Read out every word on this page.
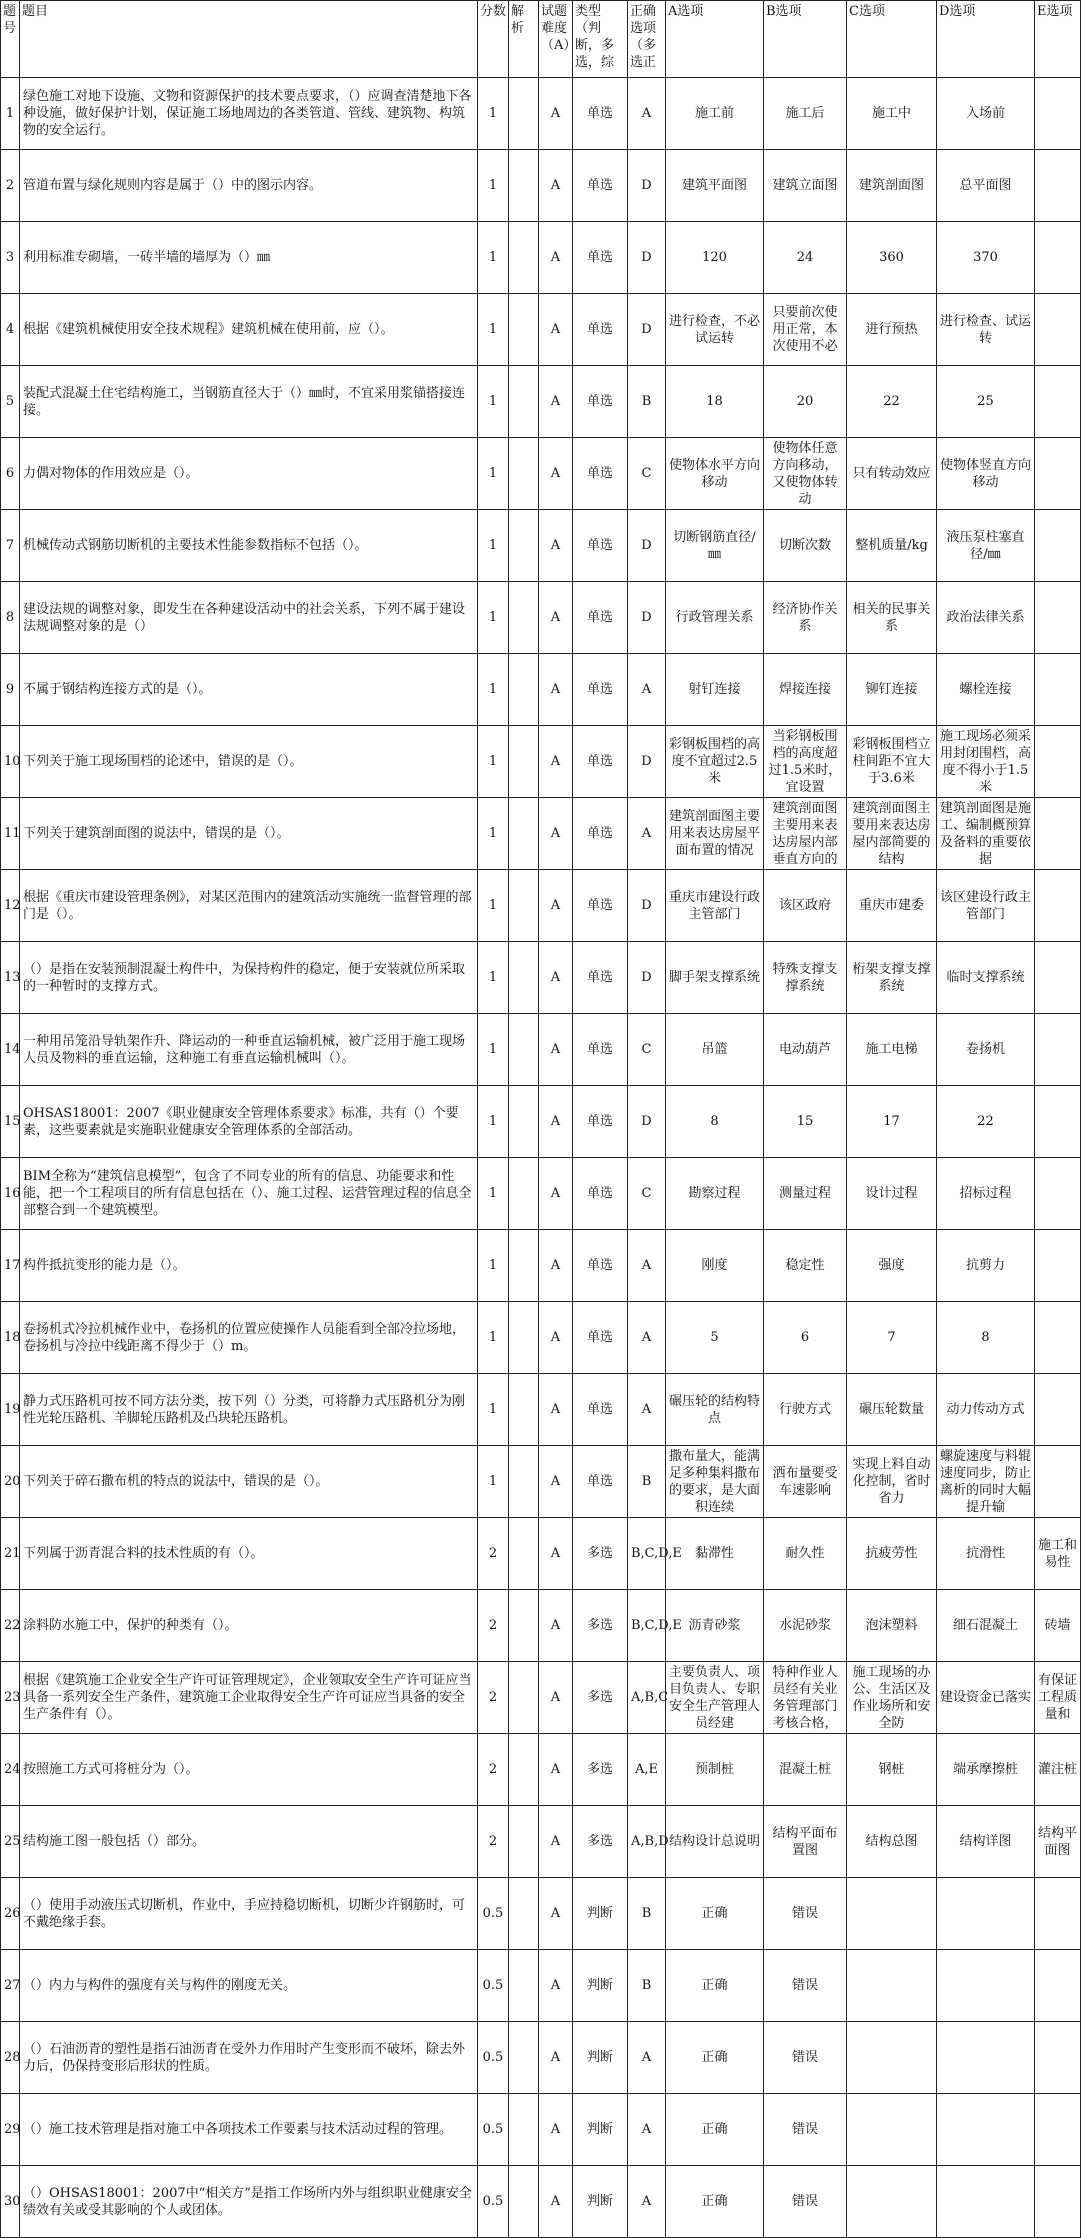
题号	题目	分数	解析	试题难度（A）	类型（判断，多选，综	正确选项（多选正	A选项	B选项	C选项	D选项	E选项
1	绿色施工对地下设施、文物和资源保护的技术要点要求，（）应调查清楚地下各种设施，做好保护计划，保证施工场地周边的各类管道、管线、建筑物、构筑物的安全运行。	1		A	单选	A	施工前	施工后	施工中	入场前	

2	管道布置与绿化规则内容是属于（）中的图示内容。	1		A	单选	D	建筑平面图	建筑立面图	建筑剖面图	总平面图	

3	利用标准专砌墙，一砖半墙的墙厚为（）㎜	1		A	单选	D	120	24	360	370	

4	根据《建筑机械使用安全技术规程》建筑机械在使用前，应（）。	1		A	单选	D	进行检查，不必试运转	只要前次使用正常，本次使用不必	进行预热	进行检查、试运转	

5	装配式混凝土住宅结构施工，当钢筋直径大于（）㎜时，不宜采用浆锚搭接连接。	1		A	单选	B	18	20	22	25	

6	力偶对物体的作用效应是（）。	1		A	单选	C	使物体水平方向移动	使物体任意方向移动，又使物体转动	只有转动效应	使物体竖直方向移动	

7	机械传动式钢筋切断机的主要技术性能参数指标不包括（）。	1		A	单选	D	切断钢筋直径/㎜	切断次数	整机质量/kg	液压泵柱塞直径/㎜	

8	建设法规的调整对象，即发生在各种建设活动中的社会关系，下列不属于建设法规调整对象的是（）	1		A	单选	D	行政管理关系	经济协作关系	相关的民事关系	政治法律关系	

9	不属于钢结构连接方式的是（）。	1		A	单选	A	射钉连接	焊接连接	铆钉连接	螺栓连接	

10	下列关于施工现场围档的论述中，错误的是（）。	1		A	单选	D	彩钢板围档的高度不宜超过2.5米	当彩钢板围档的高度超过1.5米时，宜设置	彩钢板围档立柱间距不宜大于3.6米	施工现场必须采用封闭围档，高度不得小于1.5米	

11	下列关于建筑剖面图的说法中，错误的是（）。	1		A	单选	A	建筑剖面图主要用来表达房屋平面布置的情况	建筑剖面图主要用来表达房屋内部垂直方向的	建筑剖面图主要用来表达房屋内部简要的结构	建筑剖面图是施工、编制概预算及备料的重要依据	

12	根据《重庆市建设管理条例》，对某区范围内的建筑活动实施统一监督管理的部门是（）。	1		A	单选	D	重庆市建设行政主管部门	该区政府	重庆市建委	该区建设行政主管部门	

13	（）是指在安装预制混凝土构件中，为保持构件的稳定，便于安装就位所采取的一种暂时的支撑方式。	1		A	单选	D	脚手架支撑系统	特殊支撑支撑系统	桁架支撑支撑系统	临时支撑系统	

14	一种用吊笼沿导轨架作升、降运动的一种垂直运输机械，被广泛用于施工现场人员及物料的垂直运输，这种施工有垂直运输机械叫（）。	1		A	单选	C	吊篮	电动葫芦	施工电梯	卷扬机	

15	OHSAS18001：2007《职业健康安全管理体系要求》标准，共有（）个要素，这些要素就是实施职业健康安全管理体系的全部活动。	1		A	单选	D	8	15	17	22	

16	BIM全称为“建筑信息模型”，包含了不同专业的所有的信息、功能要求和性能，把一个工程项目的所有信息包括在（）、施工过程、运营管理过程的信息全部整合到一个建筑模型。	1		A	单选	C	勘察过程	测量过程	设计过程	招标过程	

17	构件抵抗变形的能力是（）。	1		A	单选	A	刚度	稳定性	强度	抗剪力	

18	卷扬机式冷拉机械作业中，卷扬机的位置应使操作人员能看到全部冷拉场地，卷扬机与冷拉中线距离不得少于（）m。	1		A	单选	A	5	6	7	8	

19	静力式压路机可按不同方法分类，按下列（）分类，可将静力式压路机分为刚性光轮压路机、羊脚轮压路机及凸块轮压路机。	1		A	单选	A	碾压轮的结构特点	行驶方式	碾压轮数量	动力传动方式	

20	下列关于碎石撒布机的特点的说法中，错误的是（）。	1		A	单选	B	撒布量大，能满足多种集料撒布的要求，是大面积连续	洒布量要受车速影响	实现上料自动化控制，省时省力	螺旋速度与料辊速度同步，防止离析的同时大幅提升输	

21	下列属于沥青混合料的技术性质的有（）。	2		A	多选	B,C,D,E	黏滞性	耐久性	抗疲劳性	抗滑性	施工和易性

22	涂料防水施工中，保护的种类有（）。	2		A	多选	B,C,D,E	沥青砂浆	水泥砂浆	泡沫塑料	细石混凝土	砖墙

23	根据《建筑施工企业安全生产许可证管理规定》，企业领取安全生产许可证应当具备一系列安全生产条件，建筑施工企业取得安全生产许可证应当具备的安全生产条件有（）。	2		A	多选	A,B,C	主要负责人、项目负责人、专职安全生产管理人员经建	特种作业人员经有关业务管理部门考核合格，	施工现场的办公、生活区及作业场所和安全防	建设资金已落实	有保证工程质量和

24	按照施工方式可将桩分为（）。	2		A	多选	A,E	预制桩	混凝土桩	钢桩	端承摩擦桩	灌注桩

25	结构施工图一般包括（）部分。	2		A	多选	A,B,D	结构设计总说明	结构平面布置图	结构总图	结构详图	结构平面图

26	（）使用手动液压式切断机，作业中，手应持稳切断机，切断少许钢筋时，可不戴绝缘手套。	0.5		A	判断	B	正确	错误			

27	（）内力与构件的强度有关与构件的刚度无关。	0.5		A	判断	B	正确	错误			

28	（）石油沥青的塑性是指石油沥青在受外力作用时产生变形而不破坏，除去外力后，仍保持变形后形状的性质。	0.5		A	判断	A	正确	错误			

29	（）施工技术管理是指对施工中各项技术工作要素与技术活动过程的管理。	0.5		A	判断	A	正确	错误			

30	（）OHSAS18001：2007中“相关方”是指工作场所内外与组织职业健康安全绩效有关或受其影响的个人或团体。	0.5		A	判断	A	正确	错误			
